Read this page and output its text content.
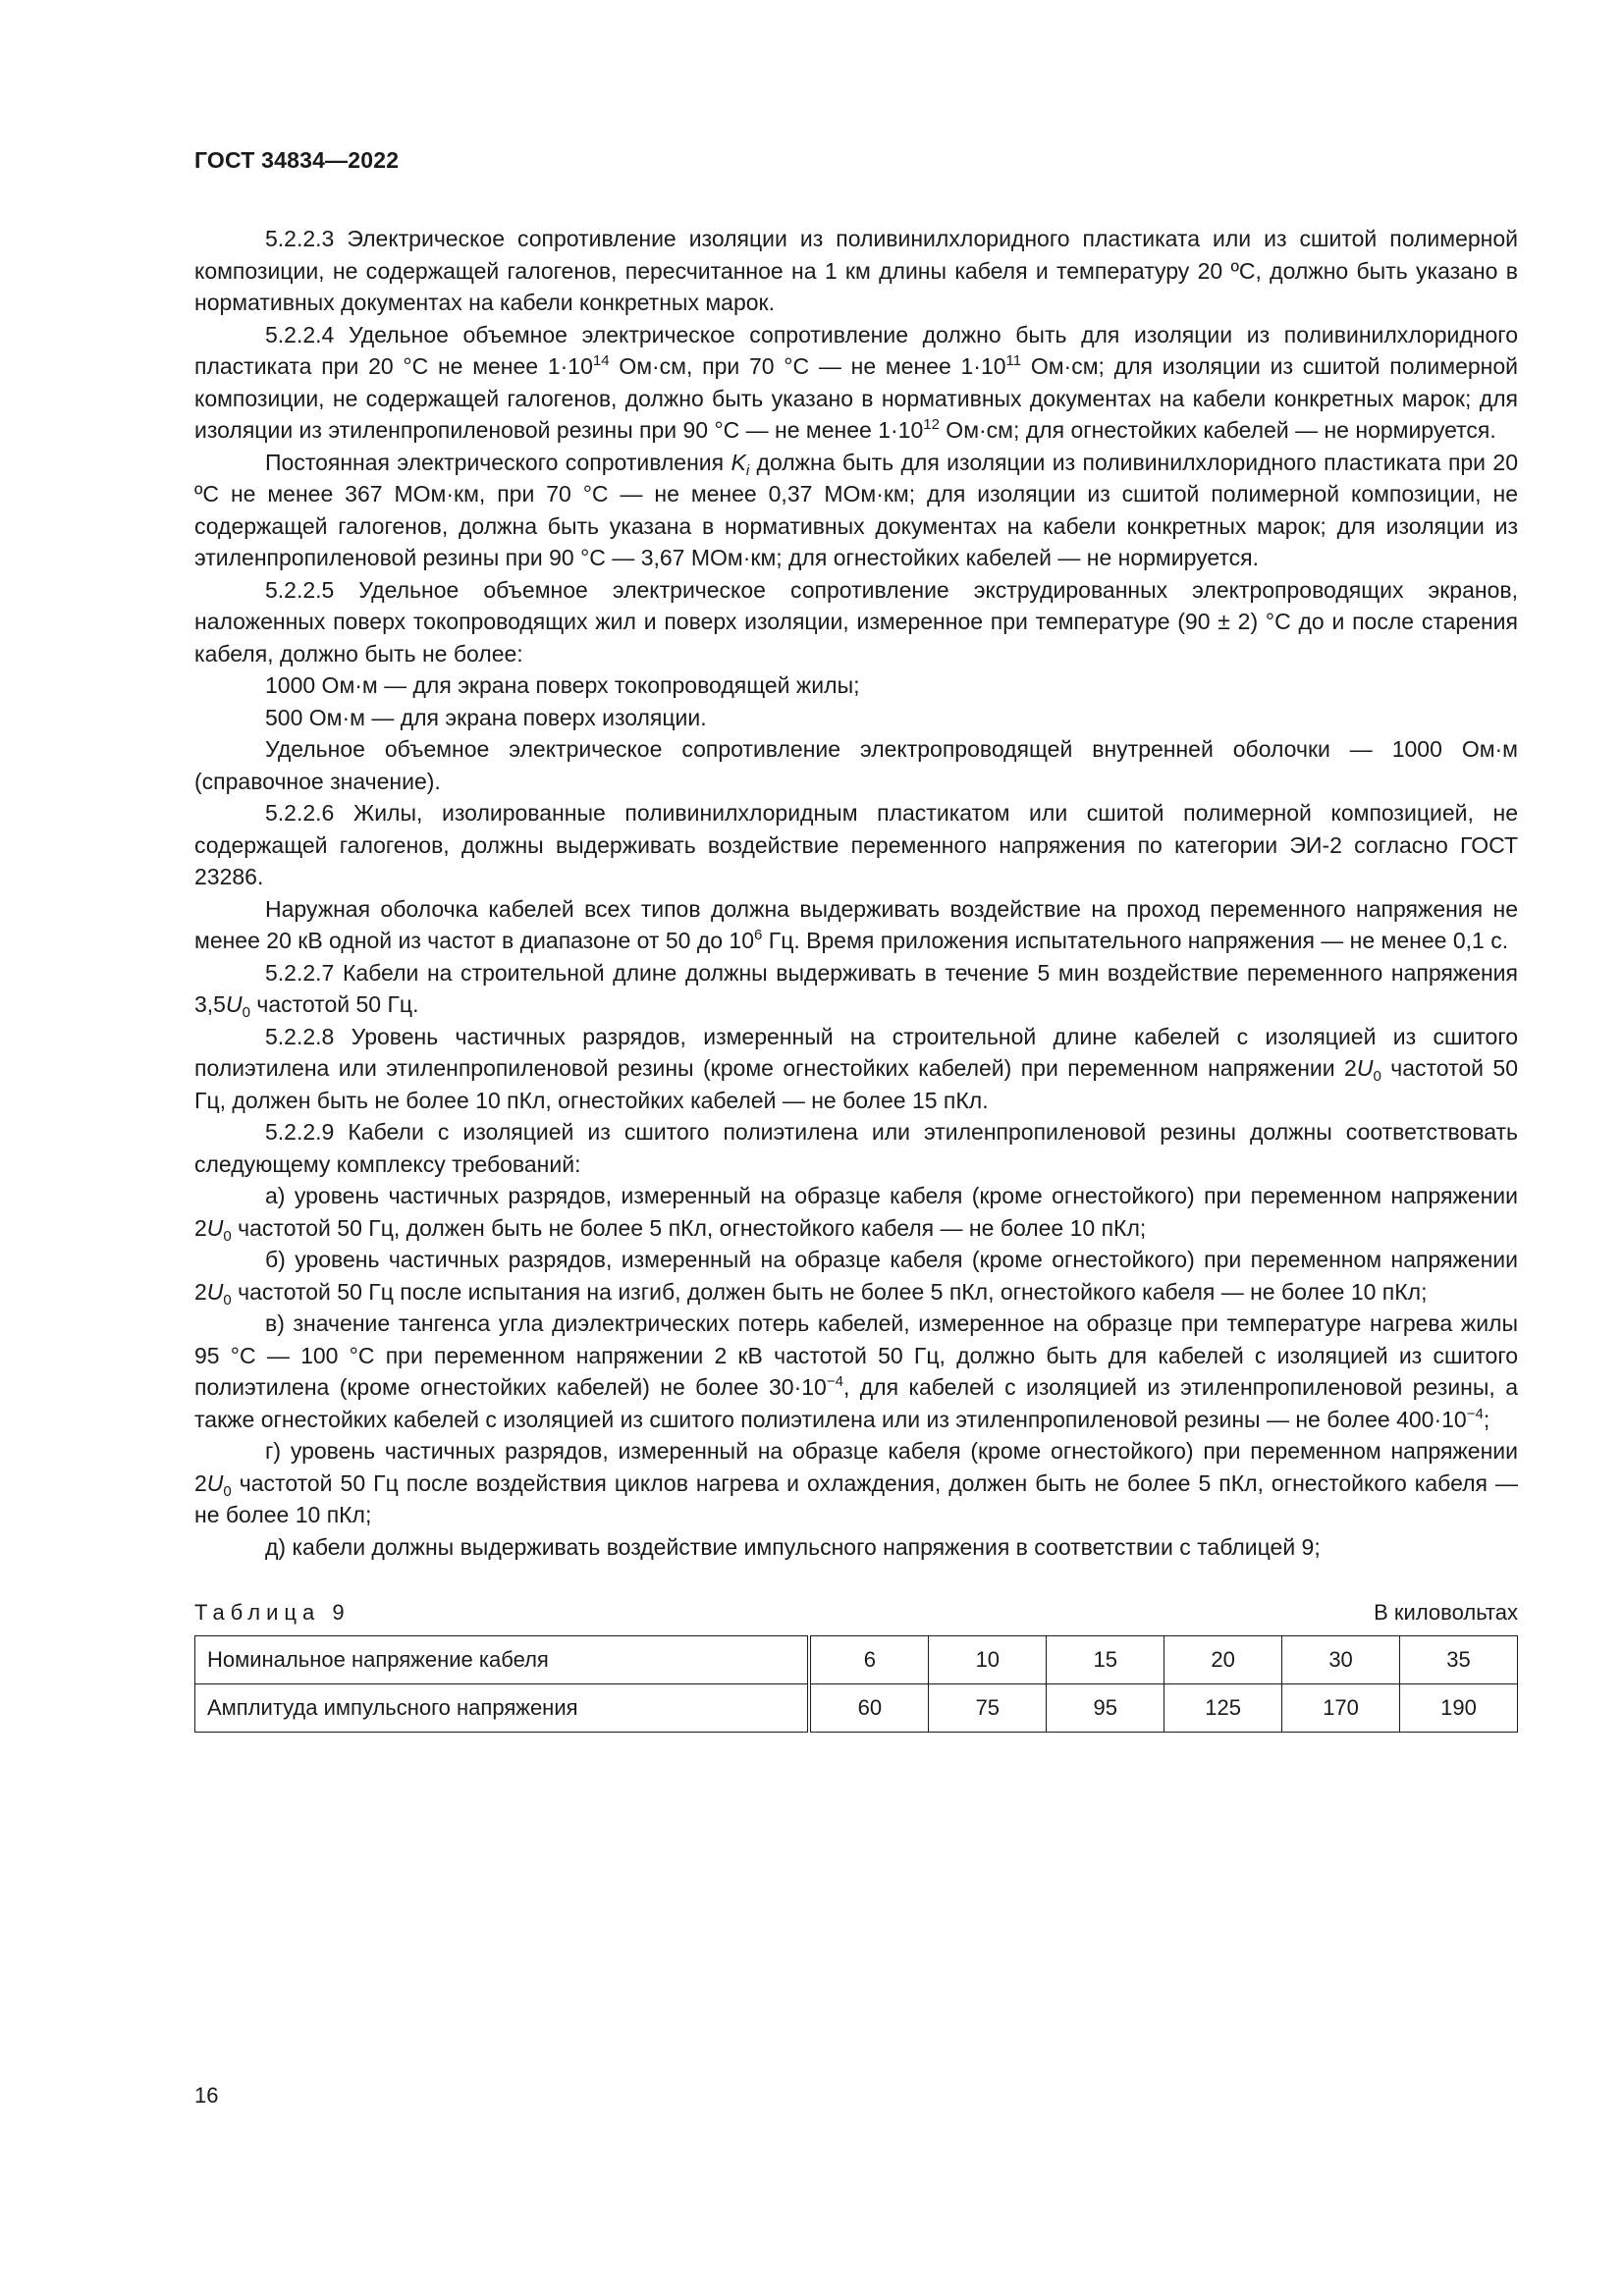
ГОСТ 34834—2022

5.2.2.3 Электрическое сопротивление изоляции из поливинилхлоридного пластиката или из сшитой полимерной композиции, не содержащей галогенов, пересчитанное на 1 км длины кабеля и температуру 20 ºС, должно быть указано в нормативных документах на кабели конкретных марок.

5.2.2.4 Удельное объемное электрическое сопротивление должно быть для изоляции из поливинилхлоридного пластиката при 20 °С не менее $1\cdot 10^{14}$ Ом·см, при 70 °С — не менее $1\cdot 10^{11}$ Ом·см; для изоляции из сшитой полимерной композиции, не содержащей галогенов, должно быть указано в нормативных документах на кабели конкретных марок; для изоляции из этиленпропиленовой резины при 90 °С — не менее $1\cdot 10^{12}$ Ом·см; для огнестойких кабелей — не нормируется.

Постоянная электрического сопротивления $K_i$ должна быть для изоляции из поливинилхлоридного пластиката при 20 ºС не менее 367 МОм·км, при 70 °С — не менее 0,37 МОм·км; для изоляции из сшитой полимерной композиции, не содержащей галогенов, должна быть указана в нормативных документах на кабели конкретных марок; для изоляции из этиленпропиленовой резины при 90 °С — 3,67 МОм·км; для огнестойких кабелей — не нормируется.

5.2.2.5 Удельное объемное электрическое сопротивление экструдированных электропроводящих экранов, наложенных поверх токопроводящих жил и поверх изоляции, измеренное при температуре (90 ± 2) °С до и после старения кабеля, должно быть не более:

1000 Ом·м — для экрана поверх токопроводящей жилы;

500 Ом·м — для экрана поверх изоляции.

Удельное объемное электрическое сопротивление электропроводящей внутренней оболочки — 1000 Ом·м (справочное значение).

5.2.2.6 Жилы, изолированные поливинилхлоридным пластикатом или сшитой полимерной композицией, не содержащей галогенов, должны выдерживать воздействие переменного напряжения по категории ЭИ-2 согласно ГОСТ 23286.

Наружная оболочка кабелей всех типов должна выдерживать воздействие на проход переменного напряжения не менее 20 кВ одной из частот в диапазоне от 50 до $10^6$ Гц. Время приложения испытательного напряжения — не менее 0,1 с.

5.2.2.7 Кабели на строительной длине должны выдерживать в течение 5 мин воздействие переменного напряжения $3,5U_0$ частотой 50 Гц.

5.2.2.8 Уровень частичных разрядов, измеренный на строительной длине кабелей с изоляцией из сшитого полиэтилена или этиленпропиленовой резины (кроме огнестойких кабелей) при переменном напряжении $2U_0$ частотой 50 Гц, должен быть не более 10 пКл, огнестойких кабелей — не более 15 пКл.

5.2.2.9 Кабели с изоляцией из сшитого полиэтилена или этиленпропиленовой резины должны соответствовать следующему комплексу требований:

а) уровень частичных разрядов, измеренный на образце кабеля (кроме огнестойкого) при переменном напряжении $2U_0$ частотой 50 Гц, должен быть не более 5 пКл, огнестойкого кабеля — не более 10 пКл;

б) уровень частичных разрядов, измеренный на образце кабеля (кроме огнестойкого) при переменном напряжении $2U_0$ частотой 50 Гц после испытания на изгиб, должен быть не более 5 пКл, огнестойкого кабеля — не более 10 пКл;

в) значение тангенса угла диэлектрических потерь кабелей, измеренное на образце при температуре нагрева жилы 95 °С — 100 °С при переменном напряжении 2 кВ частотой 50 Гц, должно быть для кабелей с изоляцией из сшитого полиэтилена (кроме огнестойких кабелей) не более $30\cdot 10^{-4}$, для кабелей с изоляцией из этиленпропиленовой резины, а также огнестойких кабелей с изоляцией из сшитого полиэтилена или из этиленпропиленовой резины — не более $400\cdot 10^{-4}$;

г) уровень частичных разрядов, измеренный на образце кабеля (кроме огнестойкого) при переменном напряжении $2U_0$ частотой 50 Гц после воздействия циклов нагрева и охлаждения, должен быть не более 5 пКл, огнестойкого кабеля — не более 10 пКл;

д) кабели должны выдерживать воздействие импульсного напряжения в соответствии с таблицей 9;

Таблица 9	В киловольтах
Номинальное напряжение кабеля	6	10	15	20	30	35
Амплитуда импульсного напряжения	60	75	95	125	170	190
16
